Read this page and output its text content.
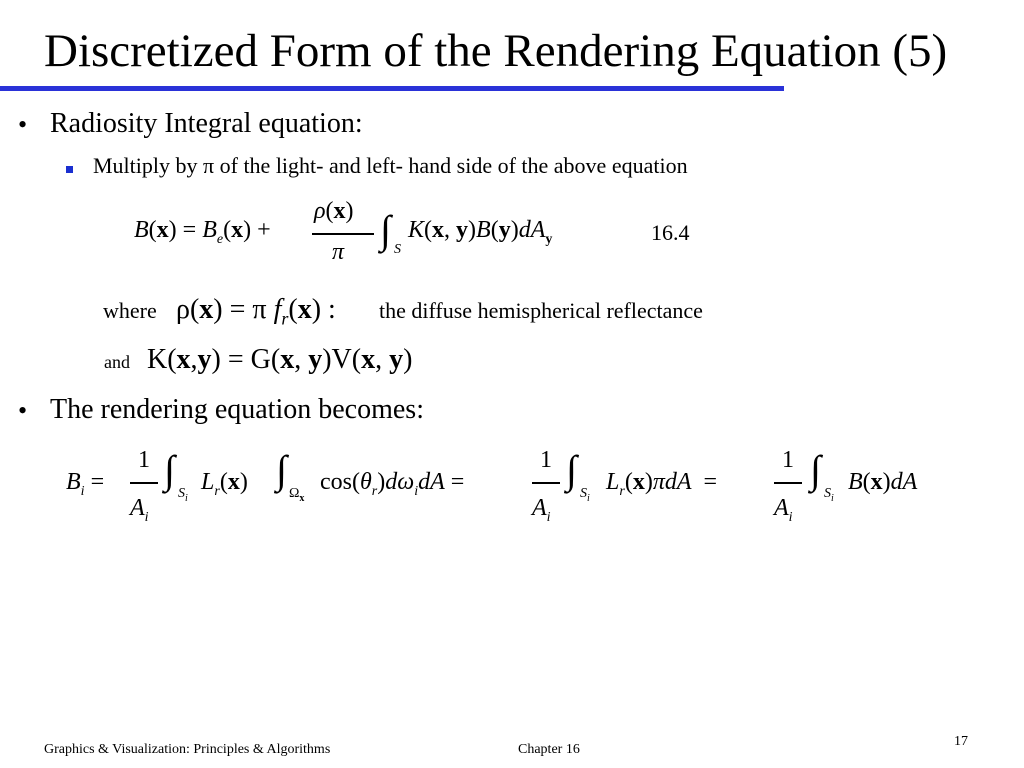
Discretized Form of the Rendering Equation (5)
• Radiosity Integral equation:
Multiply by π of the light- and left- hand side of the above equation
$B(x) = B_e(x)$ +
ρ(x)
π ∫ S
K(x, $y)B(y)dA_y$	16.4
where ρ(x) = π $f_r(x)$ : the diffuse hemispherical reflectance
and K(x,y) = G(x, y)V(x, y)
• The rendering equation becomes:
$B_i$ =
1
$A_i$
∫
$S_i$
$L_r(x)$ ∫
$\Omega_x$
$\cos(\theta_r)d\omega_idA$ =
1
$A_i$
∫
$S_i$
$L_r(x)\pi dA$  =
1
$A_i$
∫
$S_i$
B(x)dA
17
Graphics & Visualization: Principles & Algorithms	Chapter 16
